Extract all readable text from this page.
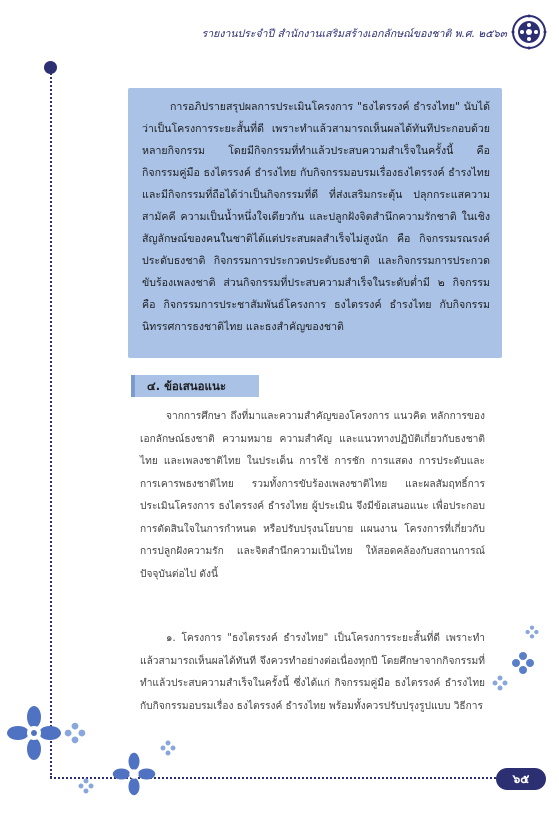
รายงานประจำปี สำนักงานเสริมสร้างเอกลักษณ์ของชาติ พ.ศ. ๒๕๖๓

การอภิปรายสรุปผลการประเมินโครงการ "ธงไตรรงค์ ธำรงไทย" นับได้ว่าเป็นโครงการระยะสั้นที่ดี เพราะทำแล้วสามารถเห็นผลได้ทันทีประกอบด้วยหลายกิจกรรม โดยมีกิจกรรมที่ทำแล้วประสบความสำเร็จในครั้งนี้ คือ กิจกรรมคู่มือ ธงไตรรงค์ ธำรงไทย กับกิจกรรมอบรมเรื่องธงไตรรงค์ ธำรงไทย และมีกิจกรรมที่ถือได้ว่าเป็นกิจกรรมที่ดี ที่ส่งเสริมกระตุ้น ปลุกกระแสความสามัคคี ความเป็นน้ำหนึ่งใจเดียวกัน และปลูกฝังจิตสำนึกความรักชาติ ในเชิงสัญลักษณ์ของคนในชาติได้แต่ประสบผลสำเร็จไม่สูงนัก คือ กิจกรรมรณรงค์ประดับธงชาติ กิจกรรมการประกวดประดับธงชาติ และกิจกรรมการประกวดขับร้องเพลงชาติ ส่วนกิจกรรมที่ประสบความสำเร็จในระดับต่ำมี ๒ กิจกรรม คือ กิจกรรมการประชาสัมพันธ์โครงการ ธงไตรรงค์ ธำรงไทย กับกิจกรรมนิทรรศการธงชาติไทย และธงสำคัญของชาติ

๔. ข้อเสนอแนะ

จากการศึกษา ถึงที่มาและความสำคัญของโครงการ แนวคิด หลักการของเอกลักษณ์ธงชาติ ความหมาย ความสำคัญ และแนวทางปฏิบัติเกี่ยวกับธงชาติไทย และเพลงชาติไทย ในประเด็น การใช้ การชัก การแสดง การประดับและการเคารพธงชาติไทย รวมทั้งการขับร้องเพลงชาติไทย และผลสัมฤทธิ์การประเมินโครงการ ธงไตรรงค์ ธำรงไทย ผู้ประเมิน จึงมีข้อเสนอแนะ เพื่อประกอบการตัดสินใจในการกำหนด หรือปรับปรุงนโยบาย แผนงาน โครงการที่เกี่ยวกับการปลูกฝังความรัก และจิตสำนึกความเป็นไทย ให้สอดคล้องกับสถานการณ์ปัจจุบันต่อไป ดังนี้

๑. โครงการ "ธงไตรรงค์ ธำรงไทย" เป็นโครงการระยะสั้นที่ดี เพราะทำแล้วสามารถเห็นผลได้ทันที จึงควรทำอย่างต่อเนื่องทุกปี โดยศึกษาจากกิจกรรมที่ทำแล้วประสบความสำเร็จในครั้งนี้ ซึ่งได้แก่ กิจกรรมคู่มือ ธงไตรรงค์ ธำรงไทยกับกิจกรรมอบรมเรื่อง ธงไตรรงค์ ธำรงไทย พร้อมทั้งควรปรับปรุงรูปแบบ วิธีการ

๖๕
